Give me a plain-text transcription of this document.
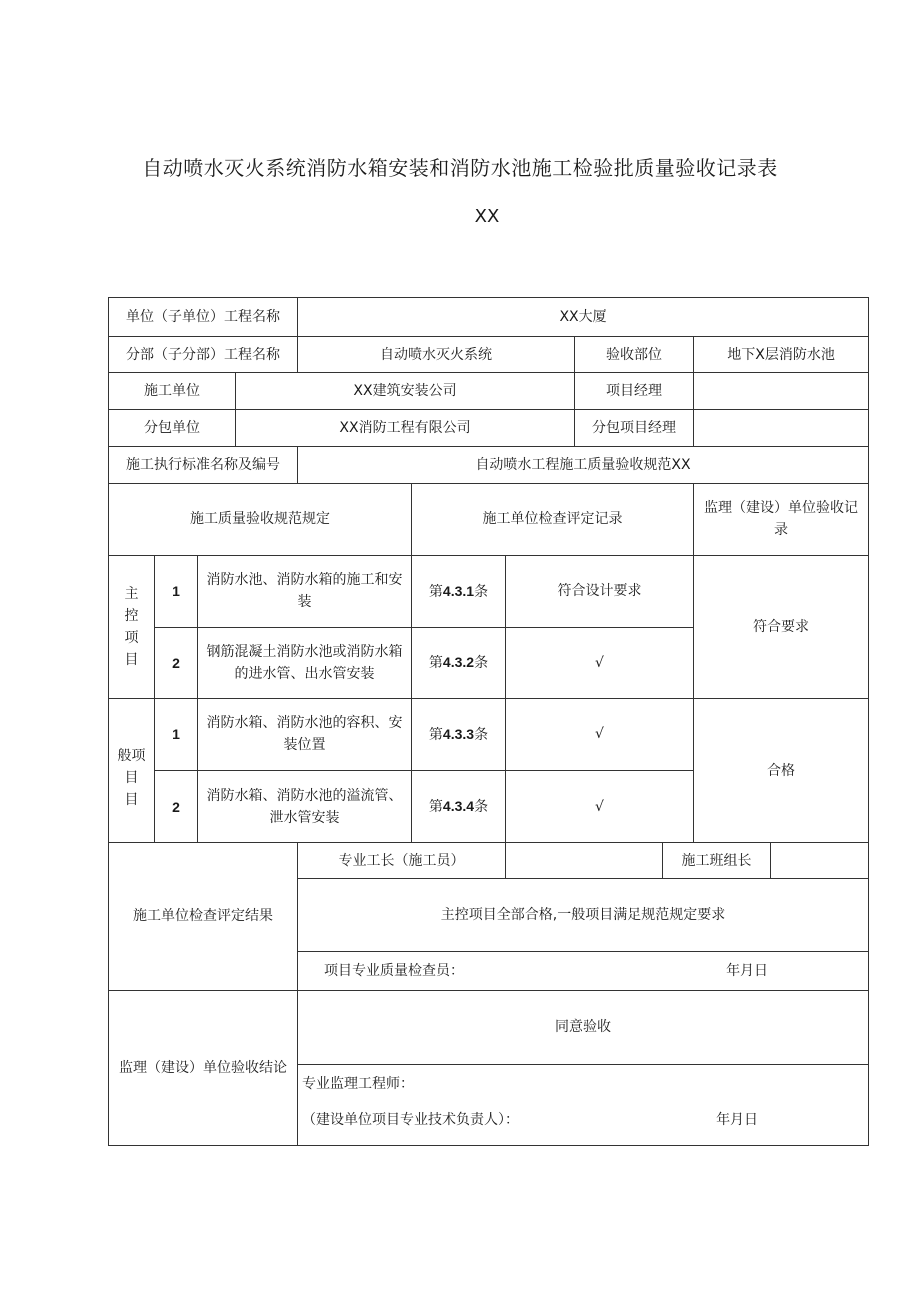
自动喷水灭火系统消防水箱安装和消防水池施工检验批质量验收记录表
XX
单位（子单位）工程名称				XX大厦						
分部（子分部）工程名称				自动喷水灭火系统			验收部位		地下X层消防水池	
施工单位			XX建筑安装公司				项目经理			
分包单位			XX消防工程有限公司				分包项目经理			
施工执行标准名称及编号				自动喷水工程施工质量验收规范XX						
施工质量验收规范规定					施工单位检查评定记录				监理（建设）单位验收记录	
主控项目	1	消防水池、消防水箱的施工和安装			第4.3.1条	符合设计要求			符合要求	
	2	钢筋混凝土消防水池或消防水箱的进水管、出水管安装			第4.3.2条	√				

般项目
目	1	消防水箱、消防水池的容积、安装位置			第4.3.3条	√			合格	
	2	消防水箱、消防水池的溢流管、泄水管安装			第4.3.4条	√				
施工单位检查评定结果				专业工长（施工员）				施工班组长		
				主控项目全部合格,一般项目满足规范规定要求						

				项目专业质量检查员： 年月日						

监理（建设）单位验收结论				同意验收						

				专业监理工程师：
（建设单位项目专业技术负责人）： 年月日						
